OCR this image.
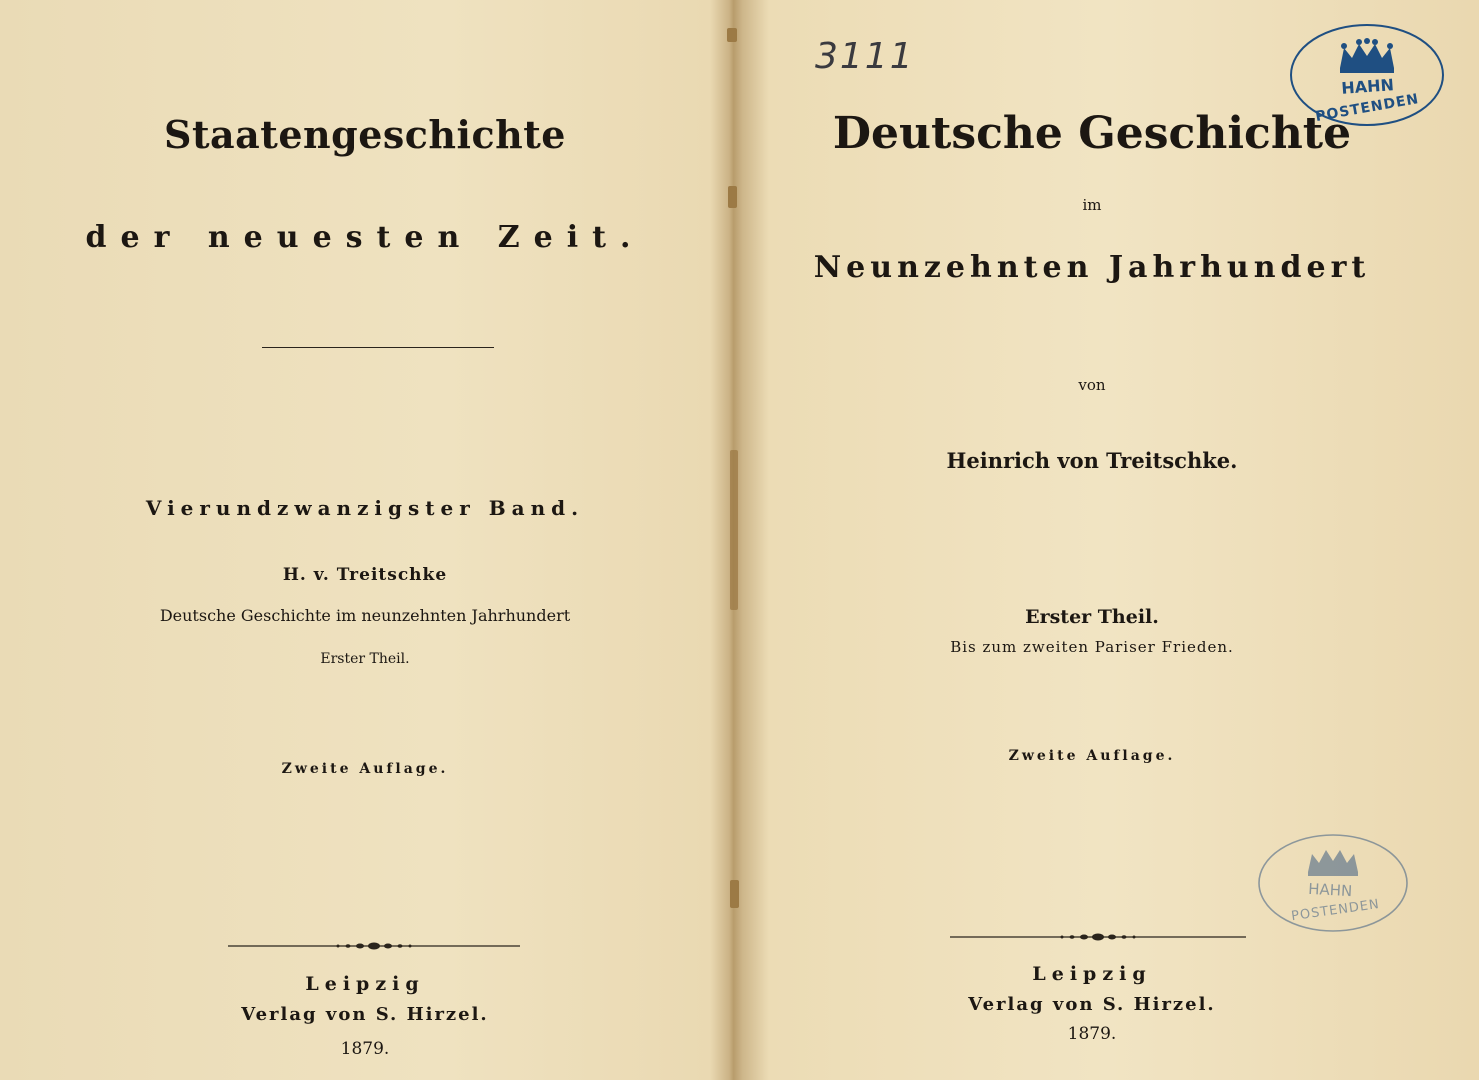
Staatengeschichte
der neuesten Zeit.
Vierundzwanzigster Band.
H. v. Treitschke
Deutsche Geschichte im neunzehnten Jahrhundert
Erster Theil.
Zweite Auflage.
Leipzig
Verlag von S. Hirzel.
1879.
3111
Deutsche Geschichte
im
Neunzehnten Jahrhundert
von
Heinrich von Treitschke.
Erster Theil.
Bis zum zweiten Pariser Frieden.
Zweite Auflage.
Leipzig
Verlag von S. Hirzel.
1879.
HAHN
POSTENDEN
HAHN
POSTENDEN
